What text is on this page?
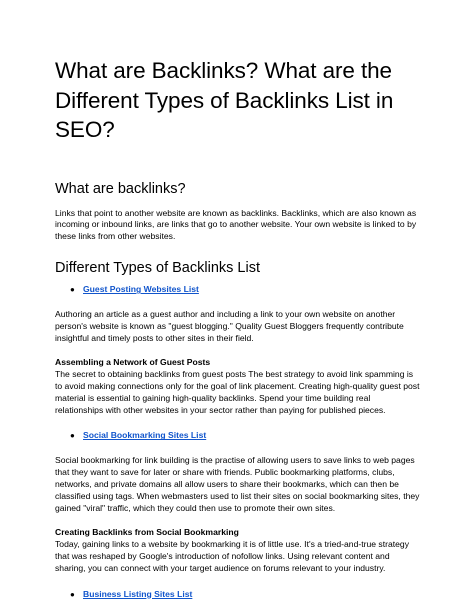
What are Backlinks? What are the
Different Types of Backlinks List in
SEO?
What are backlinks?
Links that point to another website are known as backlinks. Backlinks, which are also known as
incoming or inbound links, are links that go to another website. Your own website is linked to by
these links from other websites.
Different Types of Backlinks List
● Guest Posting Websites List
Authoring an article as a guest author and including a link to your own website on another
person's website is known as "guest blogging." Quality Guest Bloggers frequently contribute
insightful and timely posts to other sites in their field.
Assembling a Network of Guest Posts
The secret to obtaining backlinks from guest posts The best strategy to avoid link spamming is
to avoid making connections only for the goal of link placement. Creating high-quality guest post
material is essential to gaining high-quality backlinks. Spend your time building real
relationships with other websites in your sector rather than paying for published pieces.
● Social Bookmarking Sites List
Social bookmarking for link building is the practise of allowing users to save links to web pages
that they want to save for later or share with friends. Public bookmarking platforms, clubs,
networks, and private domains all allow users to share their bookmarks, which can then be
classified using tags. When webmasters used to list their sites on social bookmarking sites, they
gained "viral" traffic, which they could then use to promote their own sites.
Creating Backlinks from Social Bookmarking
Today, gaining links to a website by bookmarking it is of little use. It's a tried-and-true strategy
that was reshaped by Google's introduction of nofollow links. Using relevant content and
sharing, you can connect with your target audience on forums relevant to your industry.
● Business Listing Sites List
